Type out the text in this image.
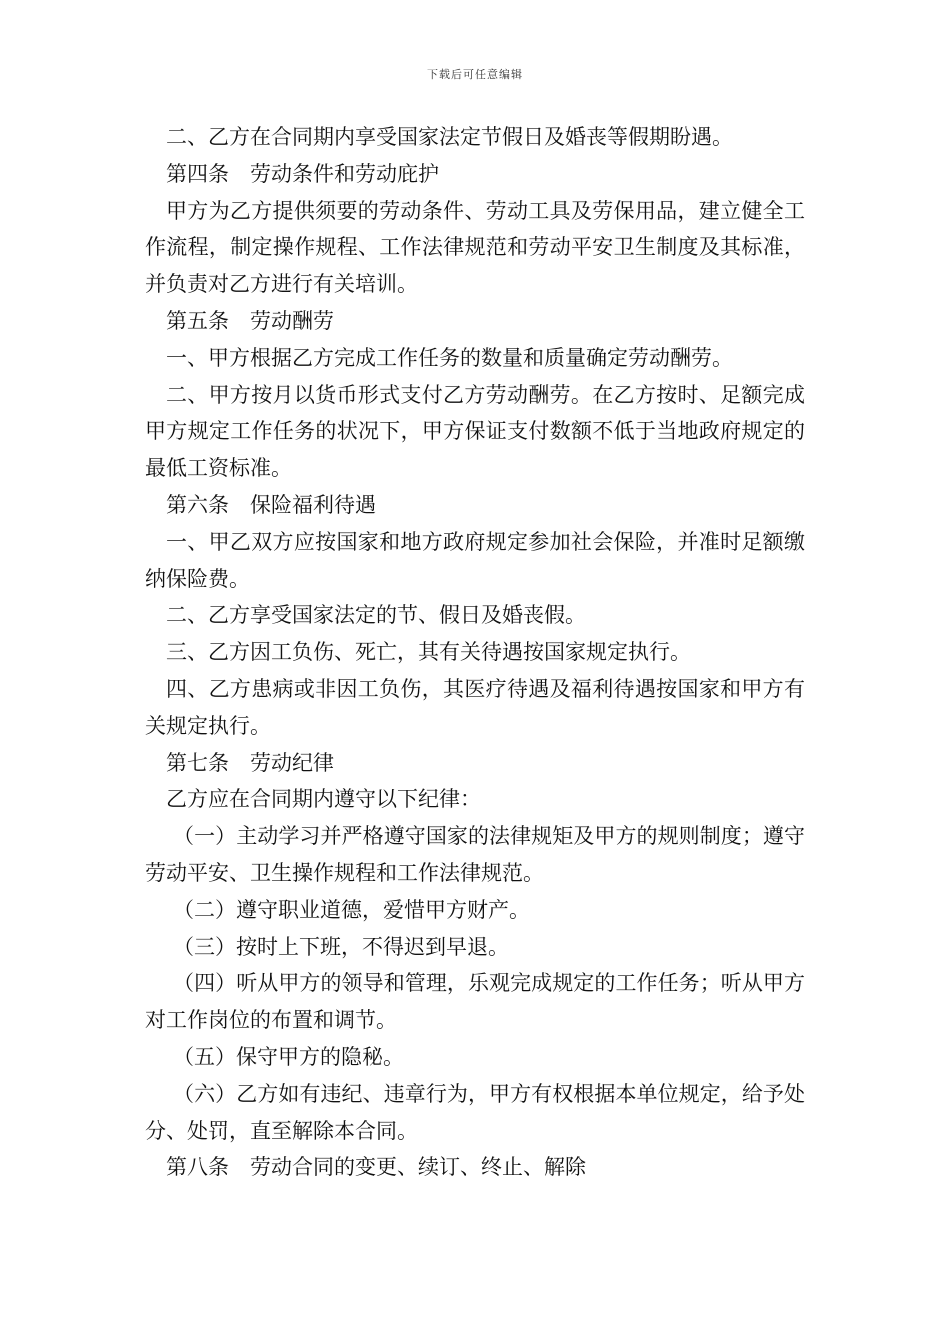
下载后可任意编辑

二、乙方在合同期内享受国家法定节假日及婚丧等假期盼遇。

第四条　劳动条件和劳动庇护

甲方为乙方提供须要的劳动条件、劳动工具及劳保用品，建立健全工作流程，制定操作规程、工作法律规范和劳动平安卫生制度及其标准，并负责对乙方进行有关培训。

第五条　劳动酬劳

一、甲方根据乙方完成工作任务的数量和质量确定劳动酬劳。

二、甲方按月以货币形式支付乙方劳动酬劳。在乙方按时、足额完成甲方规定工作任务的状况下，甲方保证支付数额不低于当地政府规定的最低工资标准。

第六条　保险福利待遇

一、甲乙双方应按国家和地方政府规定参加社会保险，并准时足额缴纳保险费。

二、乙方享受国家法定的节、假日及婚丧假。

三、乙方因工负伤、死亡，其有关待遇按国家规定执行。

四、乙方患病或非因工负伤，其医疗待遇及福利待遇按国家和甲方有关规定执行。

第七条　劳动纪律

乙方应在合同期内遵守以下纪律：

（一）主动学习并严格遵守国家的法律规矩及甲方的规则制度；遵守劳动平安、卫生操作规程和工作法律规范。

（二）遵守职业道德，爱惜甲方财产。

（三）按时上下班，不得迟到早退。

（四）听从甲方的领导和管理，乐观完成规定的工作任务；听从甲方对工作岗位的布置和调节。

（五）保守甲方的隐秘。

（六）乙方如有违纪、违章行为，甲方有权根据本单位规定，给予处分、处罚，直至解除本合同。

第八条　劳动合同的变更、续订、终止、解除
